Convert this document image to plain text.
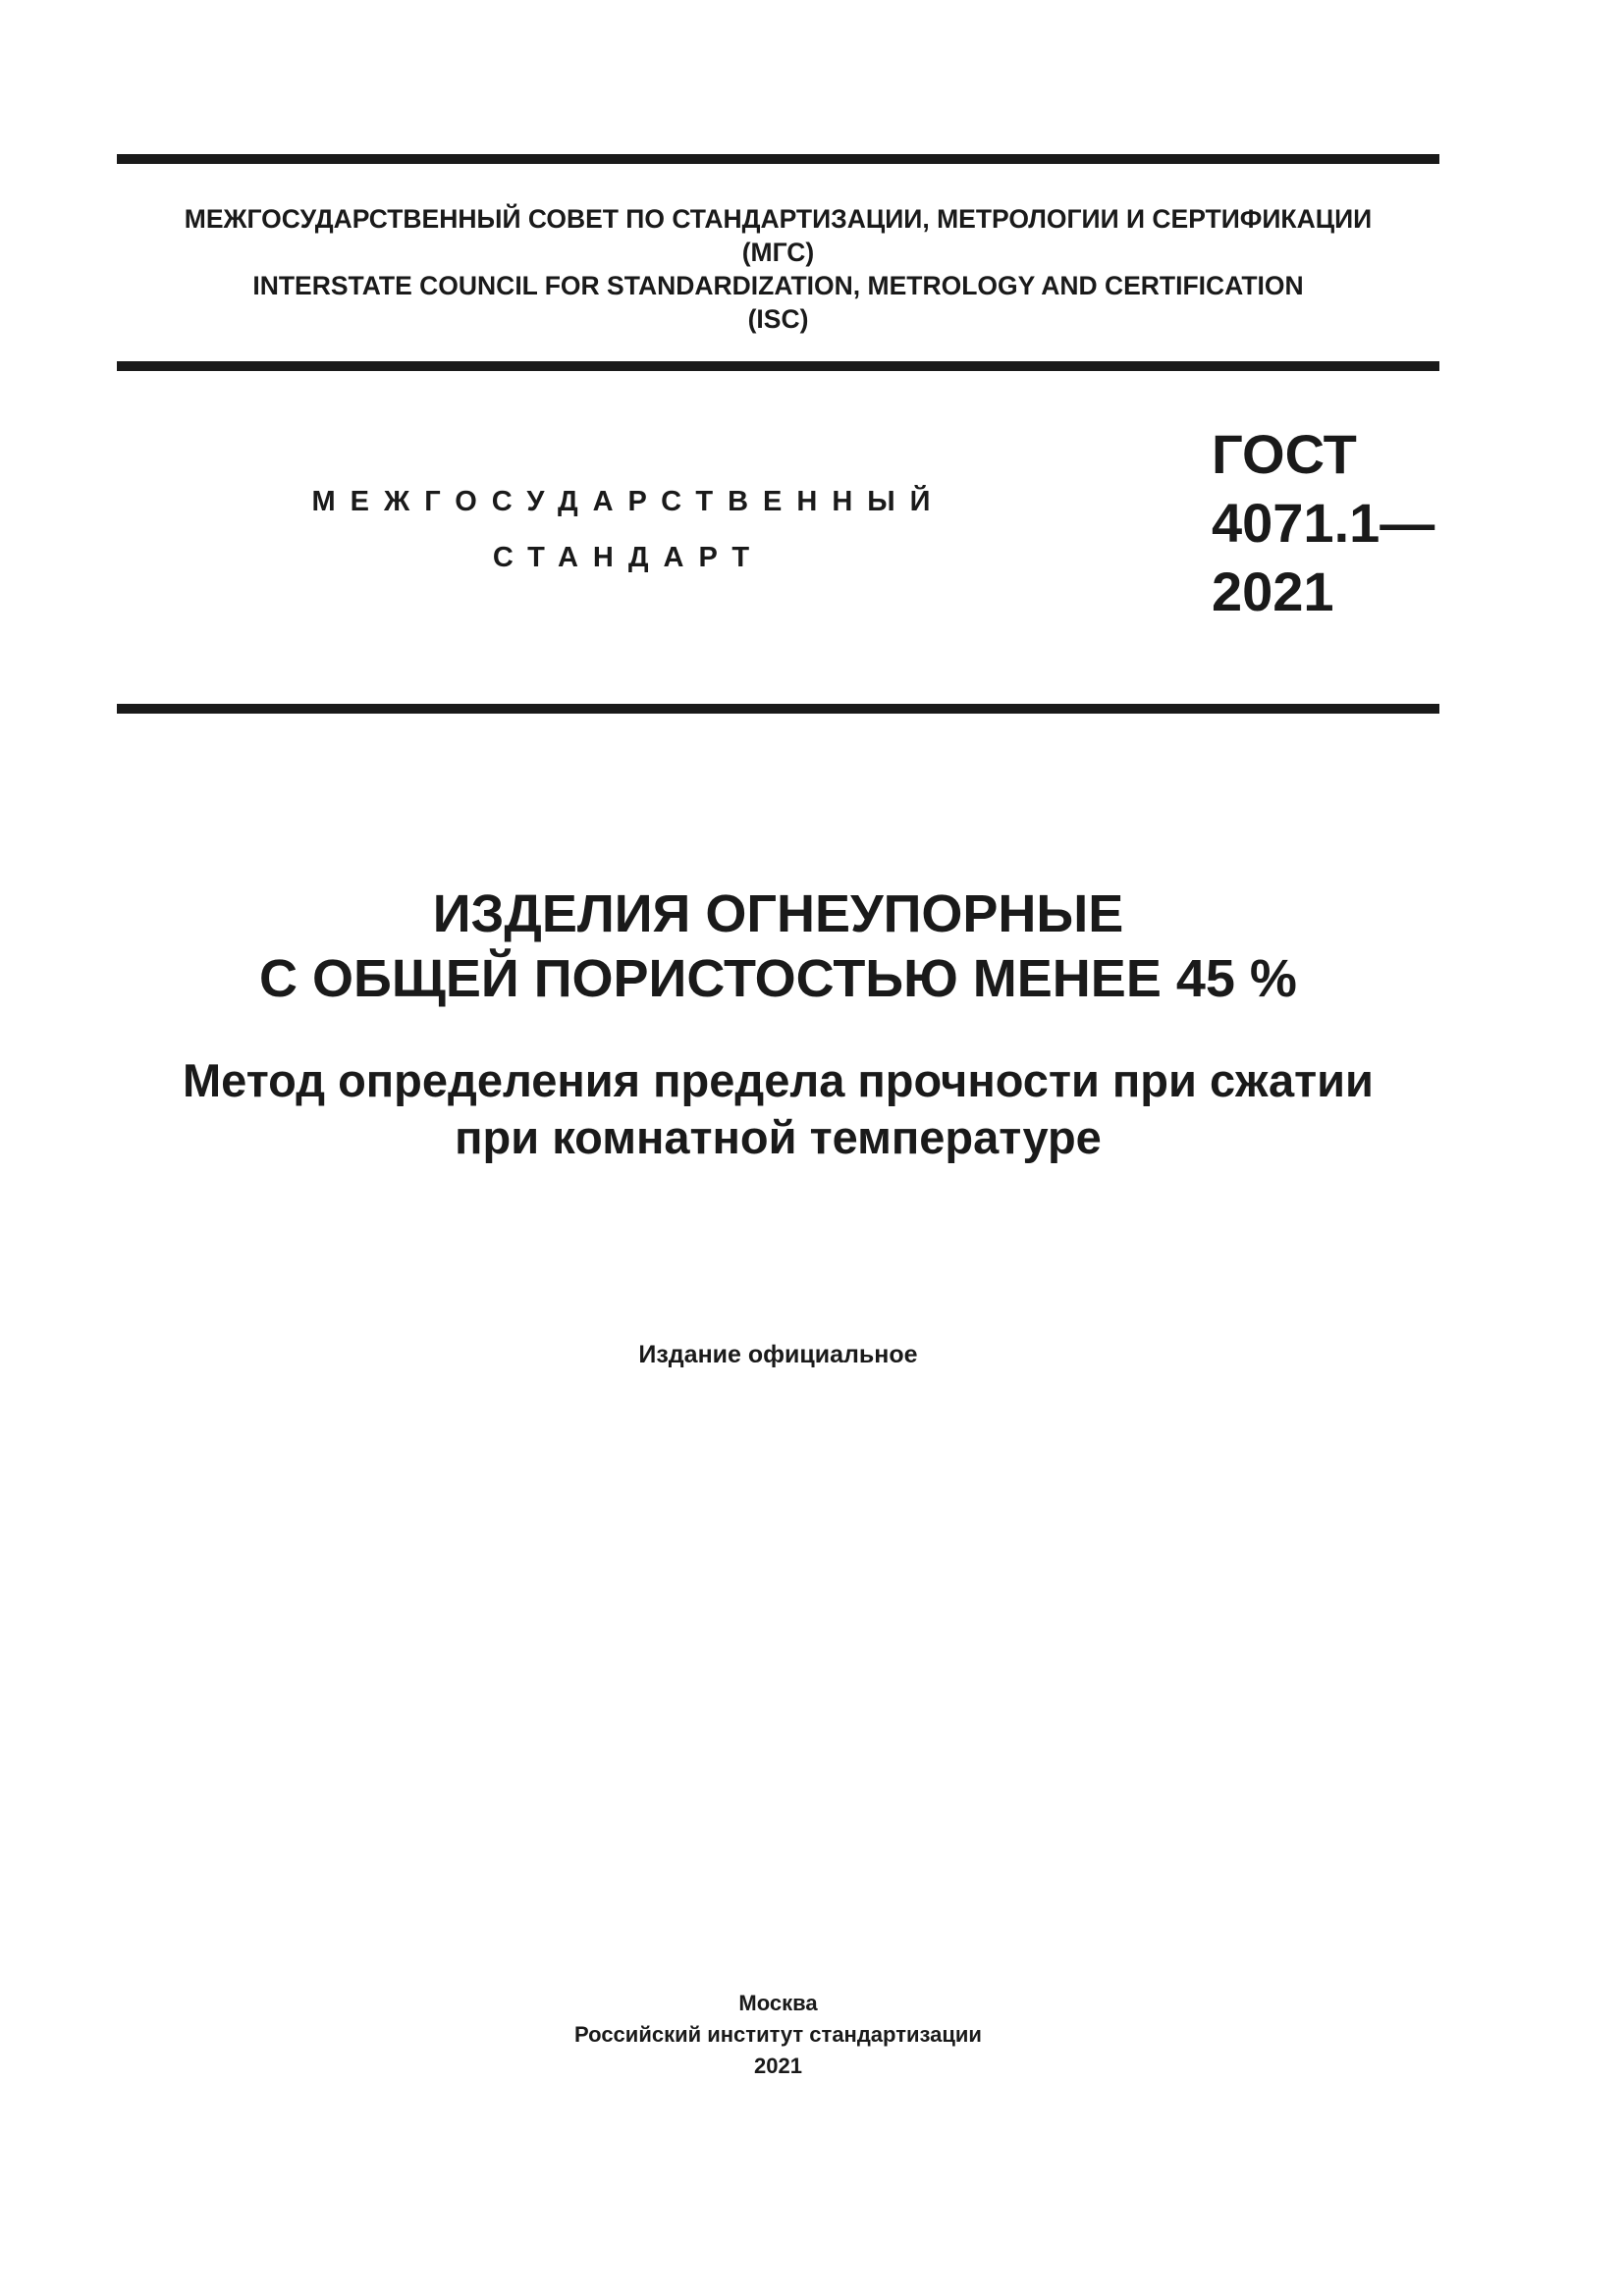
МЕЖГОСУДАРСТВЕННЫЙ СОВЕТ ПО СТАНДАРТИЗАЦИИ, МЕТРОЛОГИИ И СЕРТИФИКАЦИИ
(МГС)
INTERSTATE COUNCIL FOR STANDARDIZATION, METROLOGY AND CERTIFICATION
(ISC)
МЕЖГОСУДАРСТВЕННЫЙ
СТАНДАРТ
ГОСТ
4071.1—
2021
ИЗДЕЛИЯ ОГНЕУПОРНЫЕ
С ОБЩЕЙ ПОРИСТОСТЬЮ МЕНЕЕ 45 %
Метод определения предела прочности при сжатии
при комнатной температуре
Издание официальное
Москва
Российский институт стандартизации
2021
